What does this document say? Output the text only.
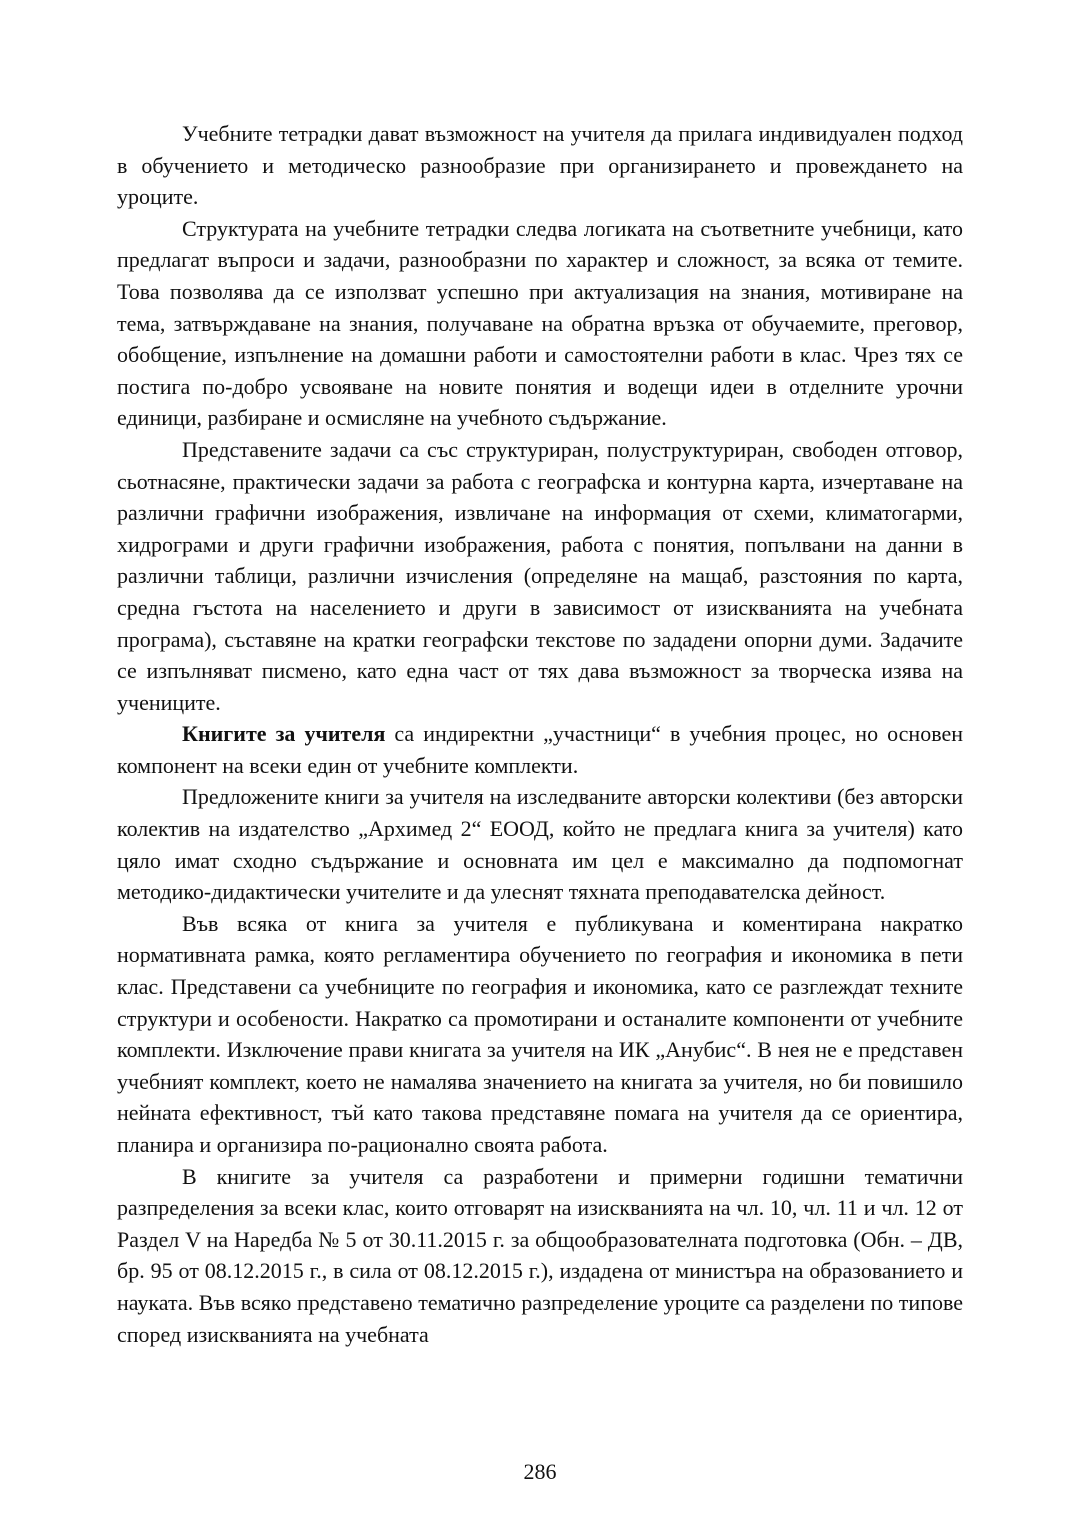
Учебните тетрадки дават възможност на учителя да прилага индивидуален подход в обучението и методическо разнообразие при организирането и провеждането на уроците.

Структурата на учебните тетрадки следва логиката на съответните учебници, като предлагат въпроси и задачи, разнообразни по характер и сложност, за всяка от темите. Това позволява да се използват успешно при актуализация на знания, мотивиране на тема, затвърждаване на знания, получаване на обратна връзка от обучаемите, преговор, обобщение, изпълнение на домашни работи и самостоятелни работи в клас. Чрез тях се постига по-добро усвояване на новите понятия и водещи идеи в отделните урочни единици, разбиране и осмисляне на учебното съдържание.

Представените задачи са със структуриран, полуструктуриран, свободен отговор, сьотнасяне, практически задачи за работа с географска и контурна карта, изчертаване на различни графични изображения, извличане на информация от схеми, климатогарми, хидрограми и други графични изображения, работа с понятия, попълвани на данни в различни таблици, различни изчисления (определяне на мащаб, разстояния по карта, средна гъстота на населението и други в зависимост от изискванията на учебната програма), съставяне на кратки географски текстове по зададени опорни думи. Задачите се изпълняват писмено, като една част от тях дава възможност за творческа изява на учениците.

Книгите за учителя са индиректни „участници“ в учебния процес, но основен компонент на всеки един от учебните комплекти.

Предложените книги за учителя на изследваните авторски колективи (без авторски колектив на издателство „Архимед 2“ ЕООД, който не предлага книга за учителя) като цяло имат сходно съдържание и основната им цел е максимално да подпомогнат методико-дидактически учителите и да улеснят тяхната преподавателска дейност.

Във всяка от книга за учителя е публикувана и коментирана накратко нормативната рамка, която регламентира обучението по география и икономика в пети клас. Представени са учебниците по география и икономика, като се разглеждат техните структури и особености. Накратко са промотирани и останалите компоненти от учебните комплекти. Изключение прави книгата за учителя на ИК „Анубис“. В нея не е представен учебният комплект, което не намалява значението на книгата за учителя, но би повишило нейната ефективност, тъй като такова представяне помага на учителя да се ориентира, планира и организира по-рационално своята работа.

В книгите за учителя са разработени и примерни годишни тематични разпределения за всеки клас, които отговарят на изискванията на чл. 10, чл. 11 и чл. 12 от Раздел V на Наредба № 5 от 30.11.2015 г. за общообразователната подготовка (Обн. – ДВ, бр. 95 от 08.12.2015 г., в сила от 08.12.2015 г.), издадена от министъра на образованието и науката. Във всяко представено тематично разпределение уроците са разделени по типове според изискванията на учебната

286
